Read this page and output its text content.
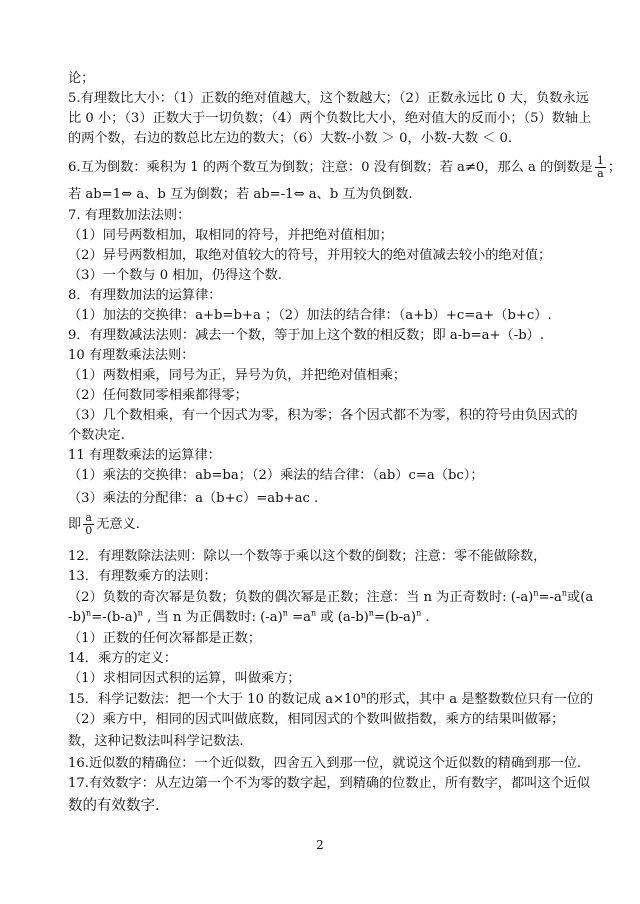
论；
5.有理数比大小：（1）正数的绝对值越大，这个数越大；（2）正数永远比 0 大，负数永远
比 0 小；（3）正数大于一切负数；（4）两个负数比大小，绝对值大的反而小；（5）数轴上
的两个数，右边的数总比左边的数大；（6）大数-小数 ＞ 0，小数-大数 ＜ 0.
6.互为倒数：乘积为 1 的两个数互为倒数；注意：0 没有倒数；若 a≠0，那么 a 的倒数是 $\frac{1}{a}$ ；
若 ab=1⇔ a、b 互为倒数；若 ab=-1⇔ a、b 互为负倒数.
7. 有理数加法法则：
（1）同号两数相加，取相同的符号，并把绝对值相加；
（2）异号两数相加，取绝对值较大的符号，并用较大的绝对值减去较小的绝对值；
（3）一个数与 0 相加，仍得这个数.
8．有理数加法的运算律：
（1）加法的交换律：a+b=b+a ；（2）加法的结合律：（a+b）+c=a+（b+c）.
9．有理数减法法则：减去一个数，等于加上这个数的相反数；即 a-b=a+（-b）.
10 有理数乘法法则：
（1）两数相乘，同号为正，异号为负，并把绝对值相乘；
（2）任何数同零相乘都得零；
（3）几个数相乘，有一个因式为零，积为零；各个因式都不为零，积的符号由负因式的
个数决定.
11 有理数乘法的运算律：
（1）乘法的交换律：ab=ba；（2）乘法的结合律：（ab）c=a（bc）；
（3）乘法的分配律：a（b+c）=ab+ac .
即 $\frac{a}{0}$ 无意义.
12．有理数除法法则：除以一个数等于乘以这个数的倒数；注意：零不能做除数，
13．有理数乘方的法则：
（2）负数的奇次幂是负数；负数的偶次幂是正数；注意：当 n 为正奇数时: $(-a)^n=-a^n$或(a
$-b)^n=-(b-a)^n$ , 当 n 为正偶数时: $(-a)^n =a^n$ 或 $(a-b)^n=(b-a)^n$ .
（1）正数的任何次幂都是正数；
14．乘方的定义：
（1）求相同因式积的运算，叫做乘方；
15．科学记数法：把一个大于 10 的数记成 $a\times 10^n$的形式，其中 a 是整数数位只有一位的
（2）乘方中，相同的因式叫做底数，相同因式的个数叫做指数，乘方的结果叫做幂；
数，这种记数法叫科学记数法.
16.近似数的精确位：一个近似数，四舍五入到那一位，就说这个近似数的精确到那一位.
17.有效数字：从左边第一个不为零的数字起，到精确的位数止，所有数字，都叫这个近似
数的有效数字.
2
